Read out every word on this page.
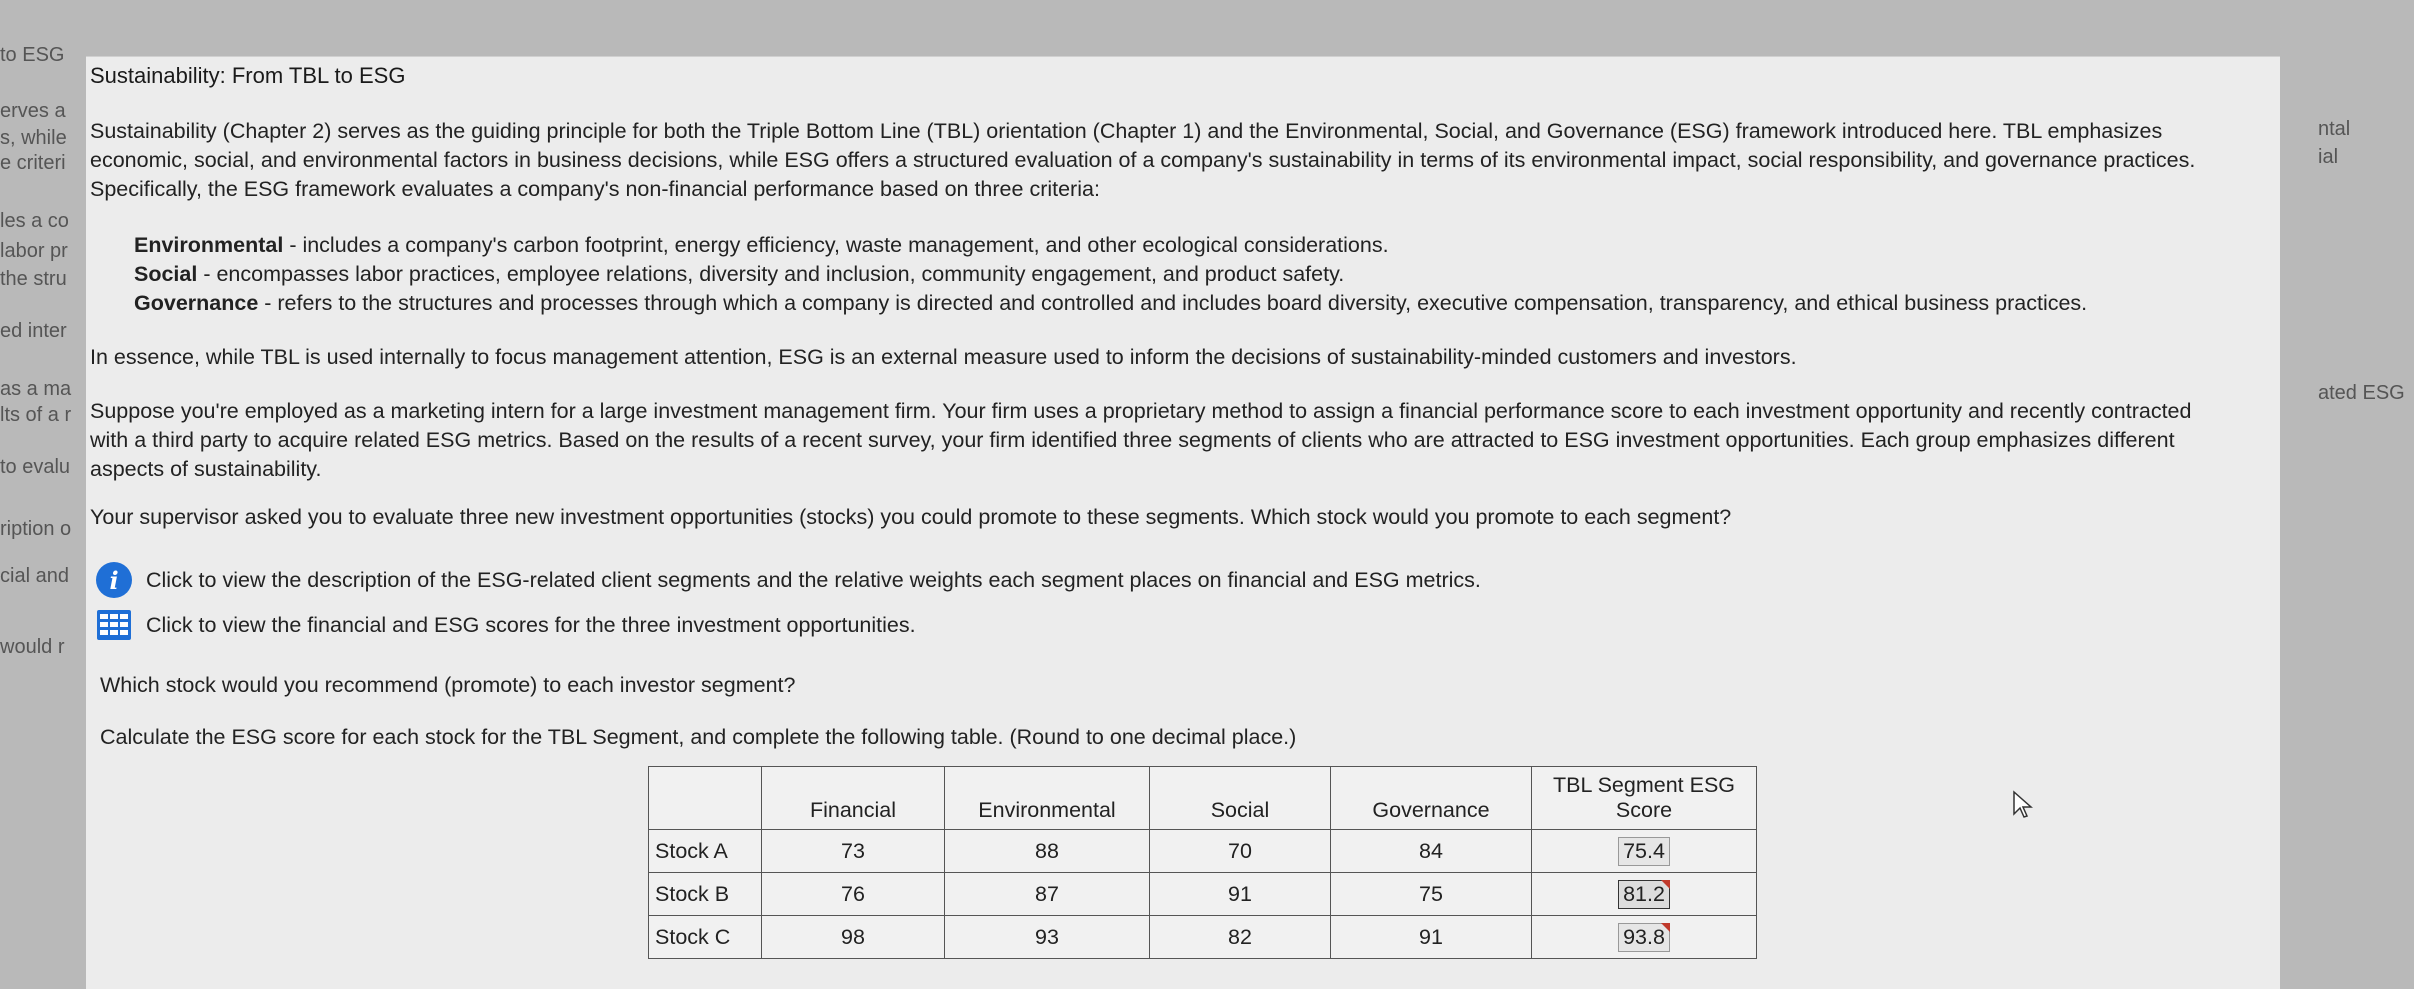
to ESG
erves a
s, while
e criteri
les a co
labor pr
the stru
ed inter
as a ma
lts of a r
to evalu
ription o
cial and
would r
ntal
ial
ated ESG
Sustainability: From TBL to ESG
Sustainability (Chapter 2) serves as the guiding principle for both the Triple Bottom Line (TBL) orientation (Chapter 1) and the Environmental, Social, and Governance (ESG) framework introduced here. TBL emphasizes economic, social, and environmental factors in business decisions, while ESG offers a structured evaluation of a company's sustainability in terms of its environmental impact, social responsibility, and governance practices. Specifically, the ESG framework evaluates a company's non-financial performance based on three criteria:
Environmental - includes a company's carbon footprint, energy efficiency, waste management, and other ecological considerations.
Social - encompasses labor practices, employee relations, diversity and inclusion, community engagement, and product safety.
Governance - refers to the structures and processes through which a company is directed and controlled and includes board diversity, executive compensation, transparency, and ethical business practices.
In essence, while TBL is used internally to focus management attention, ESG is an external measure used to inform the decisions of sustainability-minded customers and investors.
Suppose you're employed as a marketing intern for a large investment management firm. Your firm uses a proprietary method to assign a financial performance score to each investment opportunity and recently contracted with a third party to acquire related ESG metrics. Based on the results of a recent survey, your firm identified three segments of clients who are attracted to ESG investment opportunities. Each group emphasizes different aspects of sustainability.
Your supervisor asked you to evaluate three new investment opportunities (stocks) you could promote to these segments. Which stock would you promote to each segment?
i	Click to view the description of the ESG-related client segments and the relative weights each segment places on financial and ESG metrics.
Click to view the financial and ESG scores for the three investment opportunities.
Which stock would you recommend (promote) to each investor segment?
Calculate the ESG score for each stock for the TBL Segment, and complete the following table. (Round to one decimal place.)
	Financial	Environmental	Social	Governance	TBL Segment ESG Score
Stock A	73	88	70	84	75.4
Stock B	76	87	91	75	81.2

Stock C	98	93	82	91	93.8
